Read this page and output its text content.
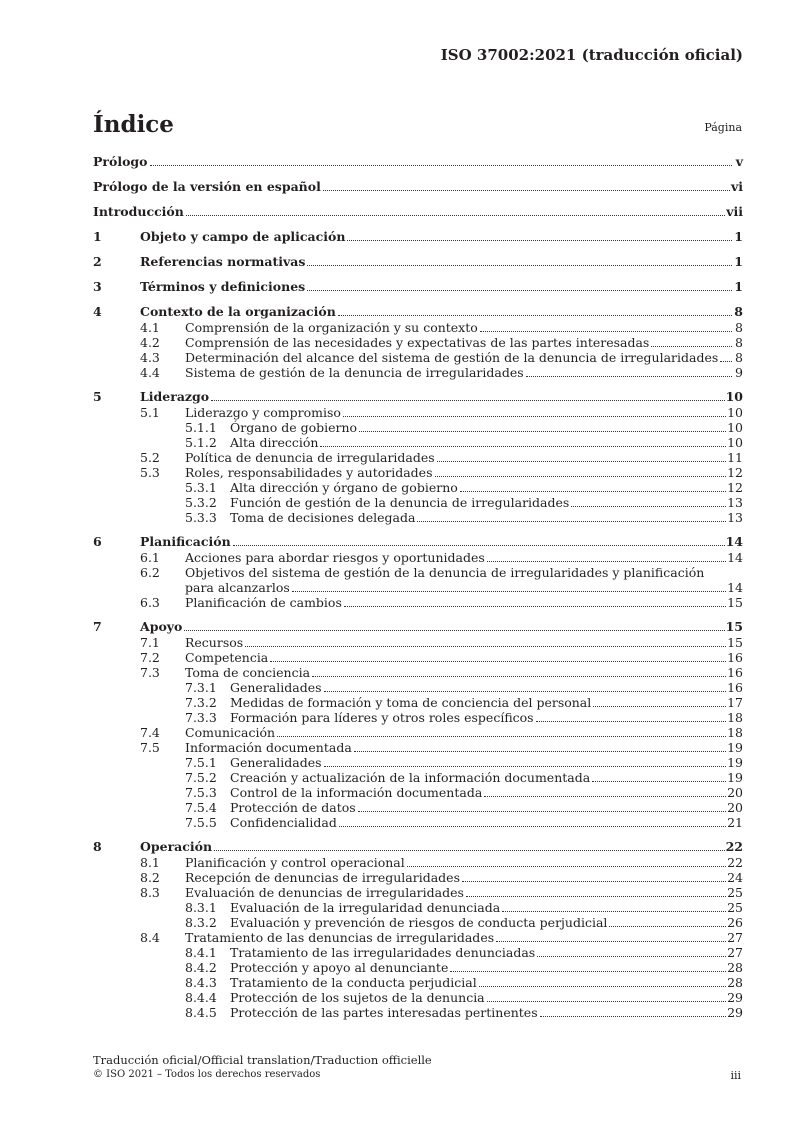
ISO 37002:2021 (traducción oficial)
Índice	Página
Prólogo	v
Prólogo de la versión en español	vi
Introducción	vii
1	Objeto y campo de aplicación	1
2	Referencias normativas	1
3	Términos y definiciones	1
4	Contexto de la organización	8
4.1 Comprensión de la organización y su contexto	8
4.2 Comprensión de las necesidades y expectativas de las partes interesadas	8
4.3 Determinación del alcance del sistema de gestión de la denuncia de irregularidades 8
4.4 Sistema de gestión de la denuncia de irregularidades	9
5	Liderazgo	10
5.1 Liderazgo y compromiso	10
5.1.1 Órgano de gobierno	10
5.1.2 Alta dirección	10
5.2 Política de denuncia de irregularidades	11
5.3 Roles, responsabilidades y autoridades	12
5.3.1 Alta dirección y órgano de gobierno	12
5.3.2 Función de gestión de la denuncia de irregularidades	13
5.3.3 Toma de decisiones delegada	13
6	Planificación	14
6.1 Acciones para abordar riesgos y oportunidades	14
6.2 Objetivos del sistema de gestión de la denuncia de irregularidades y planificación
para alcanzarlos	14
6.3 Planificación de cambios	15
7	Apoyo	15
7.1 Recursos	15
7.2 Competencia	16
7.3 Toma de conciencia	16
7.3.1 Generalidades	16
7.3.2 Medidas de formación y toma de conciencia del personal	17
7.3.3 Formación para líderes y otros roles específicos	18
7.4 Comunicación	18
7.5 Información documentada	19
7.5.1 Generalidades	19
7.5.2 Creación y actualización de la información documentada	19
7.5.3 Control de la información documentada	20
7.5.4 Protección de datos	20
7.5.5 Confidencialidad	21
8	Operación	22
8.1 Planificación y control operacional	22
8.2 Recepción de denuncias de irregularidades	24
8.3 Evaluación de denuncias de irregularidades	25
8.3.1 Evaluación de la irregularidad denunciada	25
8.3.2 Evaluación y prevención de riesgos de conducta perjudicial	26
8.4 Tratamiento de las denuncias de irregularidades	27
8.4.1 Tratamiento de las irregularidades denunciadas	27
8.4.2 Protección y apoyo al denunciante	28
8.4.3 Tratamiento de la conducta perjudicial	28
8.4.4 Protección de los sujetos de la denuncia	29
8.4.5 Protección de las partes interesadas pertinentes	29
Traducción oficial/Official translation/Traduction officielle
© ISO 2021 – Todos los derechos reservados	iii
